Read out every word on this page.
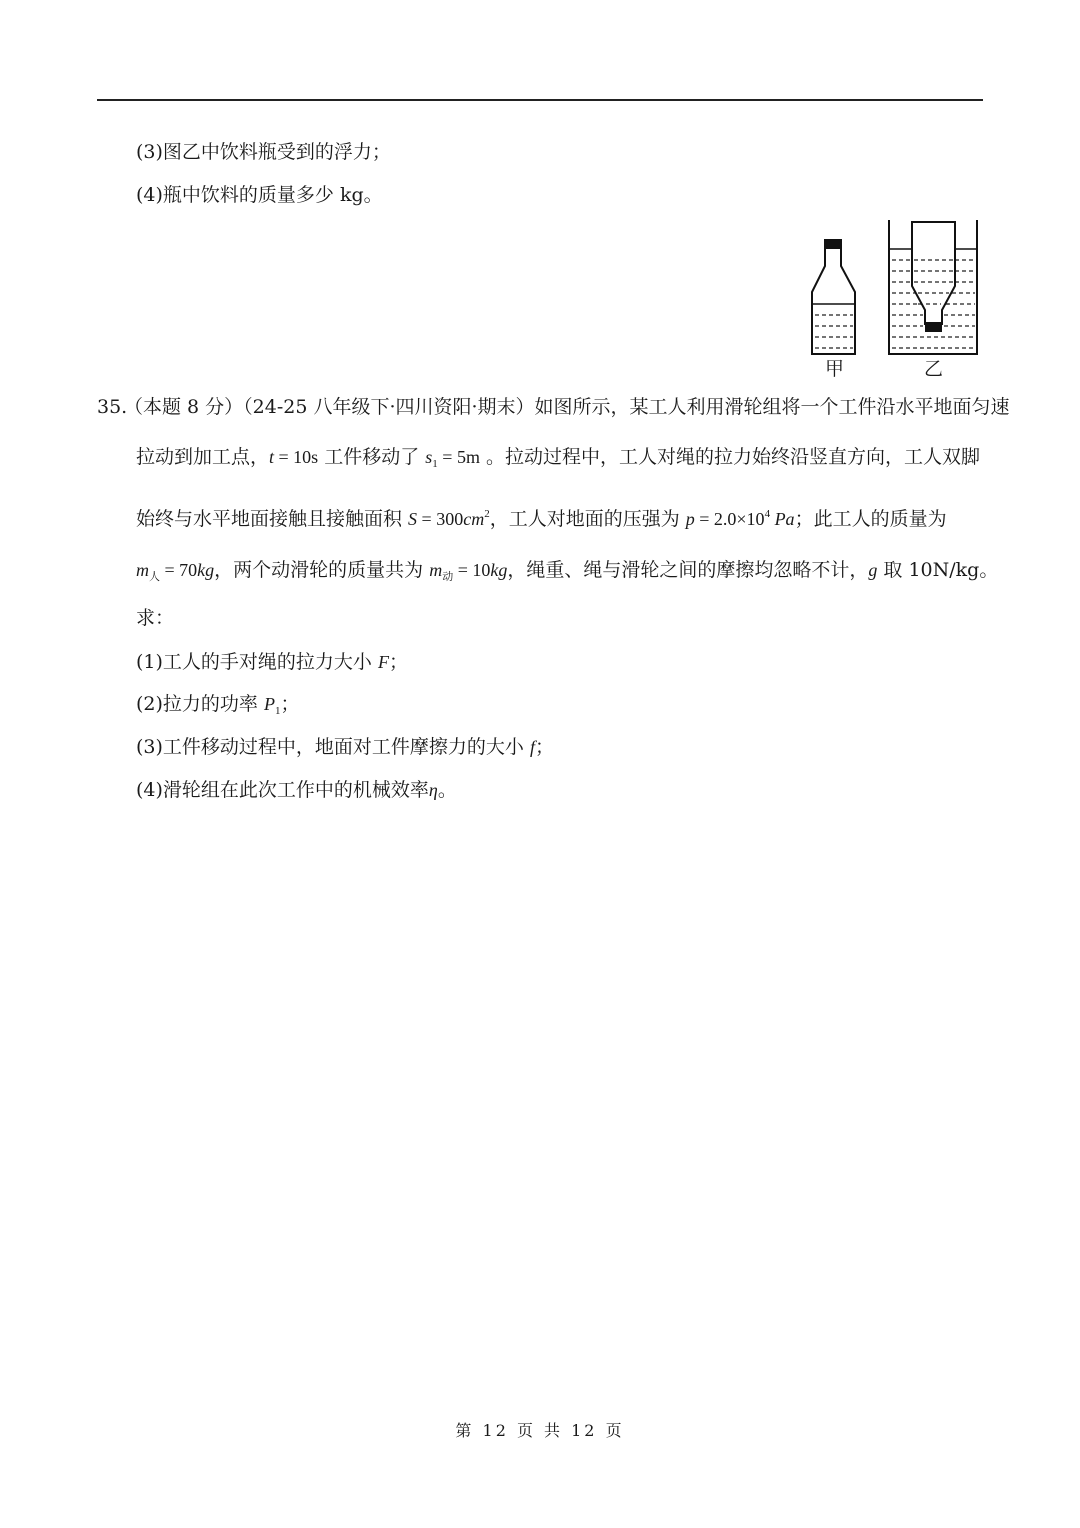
(3)图乙中饮料瓶受到的浮力；
(4)瓶中饮料的质量多少 kg。
甲	乙
35.
（本题 8 分）（24-25 八年级下·四川资阳·期末）如图所示，某工人利用滑轮组将一个工件沿水平地面匀速
拉动到加工点，t = 10s 工件移动了 $s_1 = 5m$ 。拉动过程中，工人对绳的拉力始终沿竖直方向，工人双脚
始终与水平地面接触且接触面积 $S = 300cm^2$，工人对地面的压强为 $p = 2.0\times 10^4$ Pa；此工人的质量为
$m_人 = 70kg$，两个动滑轮的质量共为 $m_动 = 10kg$，绳重、绳与滑轮之间的摩擦均忽略不计，g 取 10N/kg。
求：
(1)工人的手对绳的拉力大小 F；
(2)拉力的功率 $P_1$；
(3)工件移动过程中，地面对工件摩擦力的大小 f；
(4)滑轮组在此次工作中的机械效率η。
第 12 页 共 12 页
